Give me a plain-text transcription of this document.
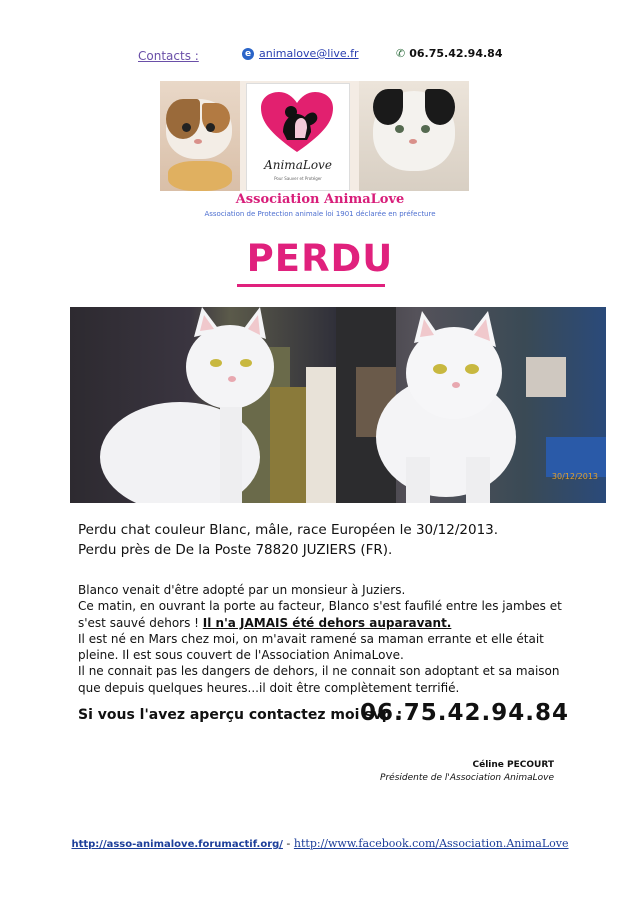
Contacts :	e animalove@live.fr	✆ 06.75.42.94.84
AnimaLove
Pour Sauver et Protéger
Association AnimaLove
Association de Protection animale loi 1901 déclarée en préfecture
PERDU
30/12/2013
Perdu chat couleur Blanc, mâle, race Européen le 30/12/2013.
Perdu près de De la Poste 78820 JUZIERS (FR).
Blanco venait d'être adopté par un monsieur à Juziers.
Ce matin, en ouvrant la porte au facteur, Blanco s'est faufilé entre les jambes et s'est sauvé dehors ! Il n'a JAMAIS été dehors auparavant.
Il est né en Mars chez moi, on m'avait ramené sa maman errante et elle était pleine. Il est sous couvert de l'Association AnimaLove.
Il ne connait pas les dangers de dehors, il ne connait son adoptant et sa maison que depuis quelques heures...il doit être complètement terrifié.
Si vous l'avez aperçu contactez moi svp :
06.75.42.94.84
Céline PECOURT
Présidente de l'Association AnimaLove
http://asso-animalove.forumactif.org/ - http://www.facebook.com/Association.AnimaLove
